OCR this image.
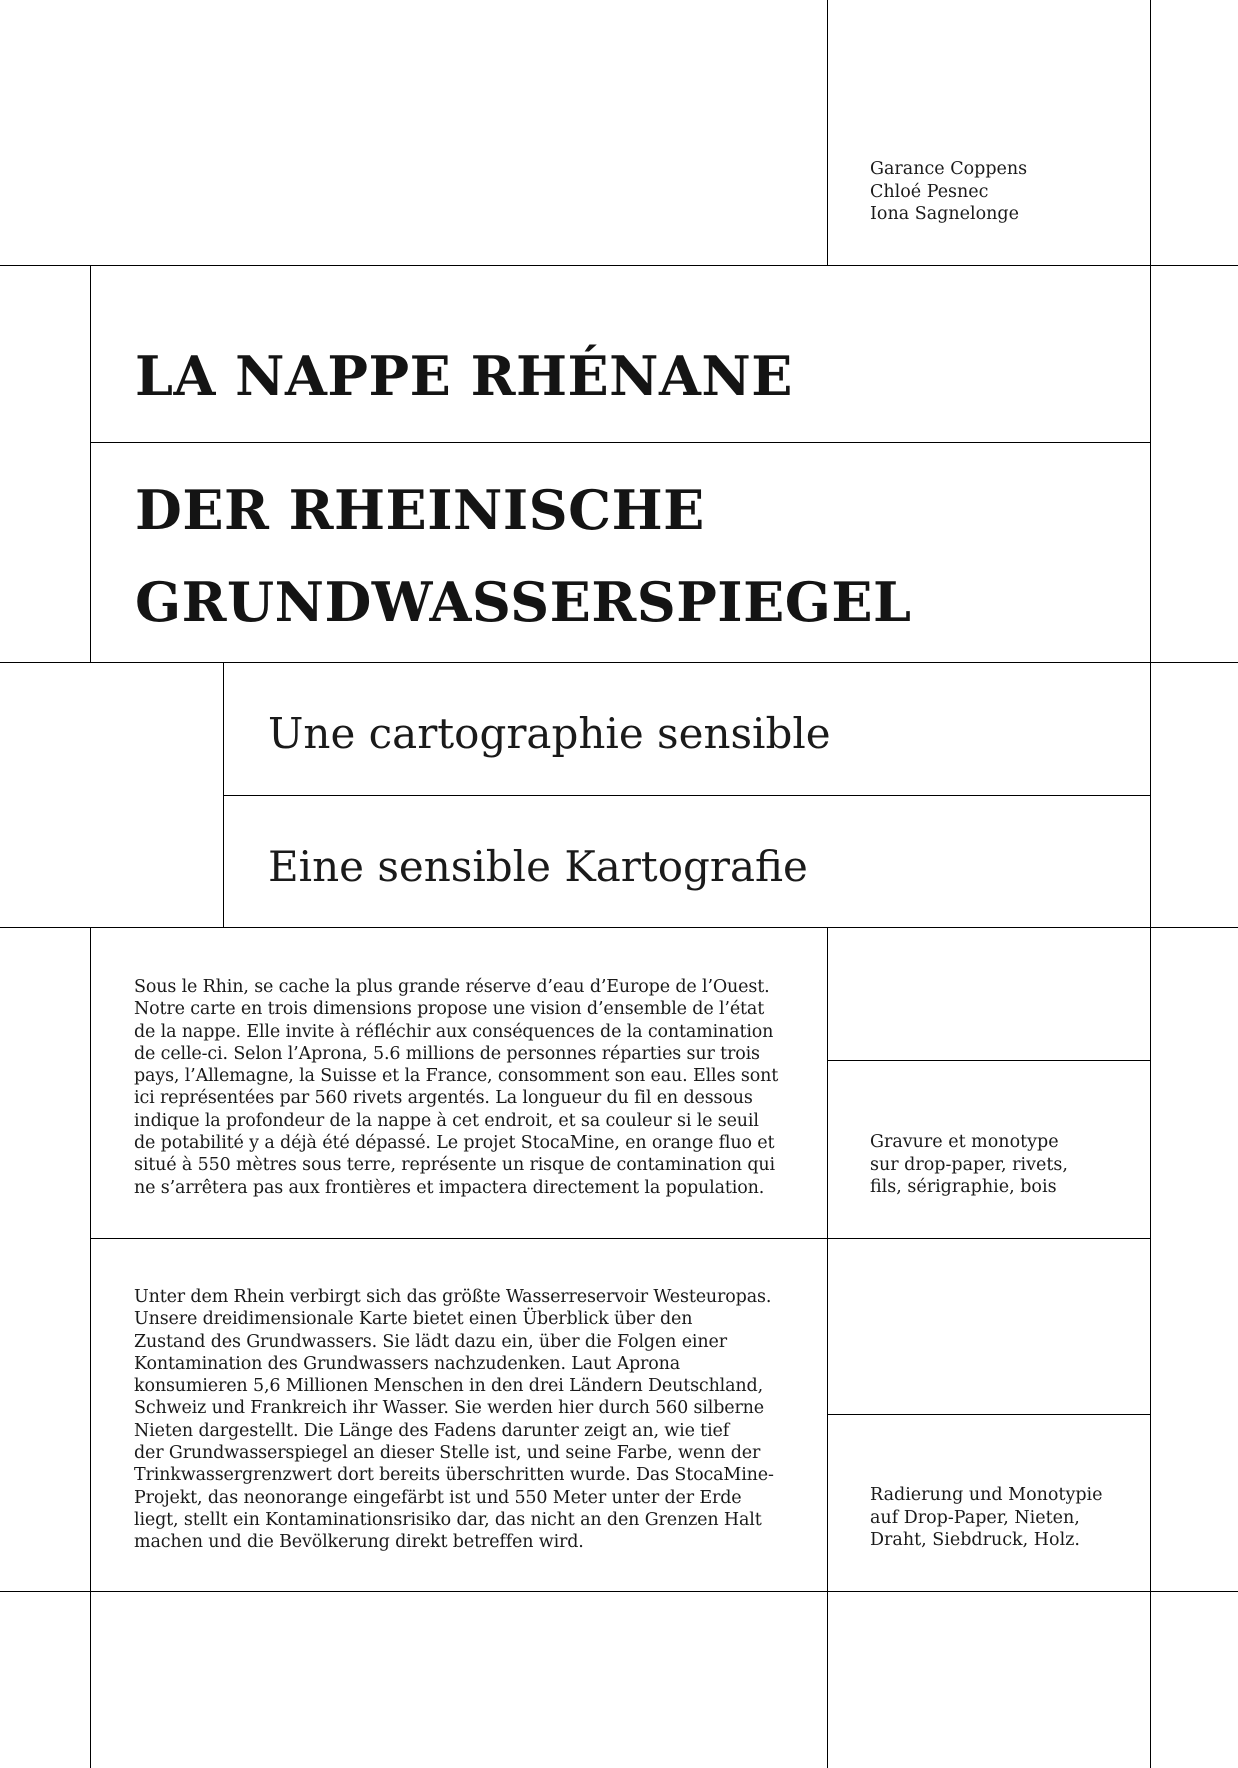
Garance Coppens
Chloé Pesnec
Iona Sagnelonge
LA NAPPE RHÉNANE
DER RHEINISCHE
GRUNDWASSERSPIEGEL
Une cartographie sensible
Eine sensible Kartografie

Sous le Rhin, se cache la plus grande réserve d’eau d’Europe de l’Ouest.
Notre carte en trois dimensions propose une vision d’ensemble de l’état
de la nappe. Elle invite à réfléchir aux conséquences de la contamination
de celle-ci. Selon l’Aprona, 5.6 millions de personnes réparties sur trois
pays, l’Allemagne, la Suisse et la France, consomment son eau. Elles sont
ici représentées par 560 rivets argentés. La longueur du fil en dessous
indique la profondeur de la nappe à cet endroit, et sa couleur si le seuil
de potabilité y a déjà été dépassé. Le projet StocaMine, en orange fluo et
situé à 550 mètres sous terre, représente un risque de contamination qui
ne s’arrêtera pas aux frontières et impactera directement la population.

Gravure et monotype
sur drop-paper, rivets,
fils, sérigraphie, bois

Unter dem Rhein verbirgt sich das größte Wasserreservoir Westeuropas.
Unsere dreidimensionale Karte bietet einen Überblick über den
Zustand des Grundwassers. Sie lädt dazu ein, über die Folgen einer
Kontamination des Grundwassers nachzudenken. Laut Aprona
konsumieren 5,6 Millionen Menschen in den drei Ländern Deutschland,
Schweiz und Frankreich ihr Wasser. Sie werden hier durch 560 silberne
Nieten dargestellt. Die Länge des Fadens darunter zeigt an, wie tief
der Grundwasserspiegel an dieser Stelle ist, und seine Farbe, wenn der
Trinkwassergrenzwert dort bereits überschritten wurde. Das StocaMine-
Projekt, das neonorange eingefärbt ist und 550 Meter unter der Erde
liegt, stellt ein Kontaminationsrisiko dar, das nicht an den Grenzen Halt
machen und die Bevölkerung direkt betreffen wird.

Radierung und Monotypie
auf Drop-Paper, Nieten,
Draht, Siebdruck, Holz.
